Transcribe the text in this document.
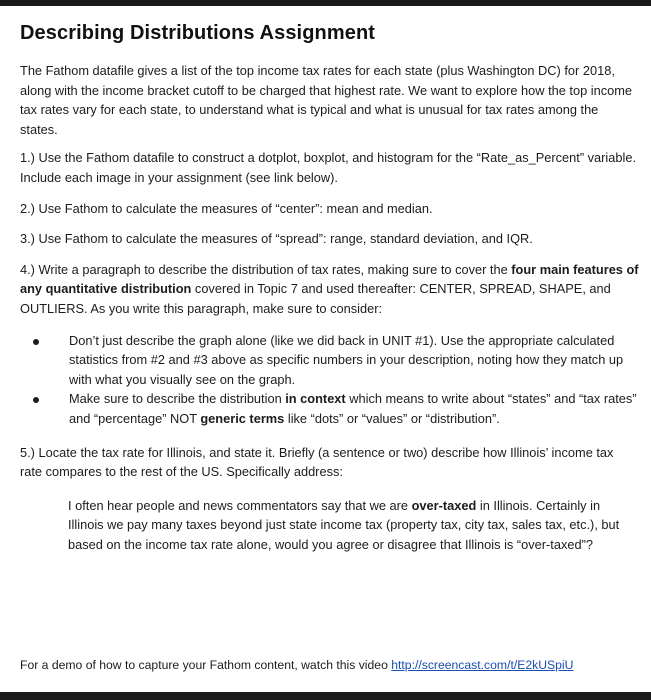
Describing Distributions Assignment

The Fathom datafile gives a list of the top income tax rates for each state (plus Washington DC) for 2018, along with the income bracket cutoff to be charged that highest rate. We want to explore how the top income tax rates vary for each state, to understand what is typical and what is unusual for tax rates among the states.

1.) Use the Fathom datafile to construct a dotplot, boxplot, and histogram for the “Rate_as_Percent” variable. Include each image in your assignment (see link below).

2.) Use Fathom to calculate the measures of “center”: mean and median.

3.) Use Fathom to calculate the measures of “spread”: range, standard deviation, and IQR.

4.) Write a paragraph to describe the distribution of tax rates, making sure to cover the four main features of any quantitative distribution covered in Topic 7 and used thereafter: CENTER, SPREAD, SHAPE, and OUTLIERS. As you write this paragraph, make sure to consider:

Don’t just describe the graph alone (like we did back in UNIT #1). Use the appropriate calculated statistics from #2 and #3 above as specific numbers in your description, noting how they match up with what you visually see on the graph.
Make sure to describe the distribution in context which means to write about “states” and “tax rates” and “percentage” NOT generic terms like “dots” or “values” or “distribution”.

5.) Locate the tax rate for Illinois, and state it. Briefly (a sentence or two) describe how Illinois’ income tax rate compares to the rest of the US. Specifically address:

I often hear people and news commentators say that we are over-taxed in Illinois. Certainly in Illinois we pay many taxes beyond just state income tax (property tax, city tax, sales tax, etc.), but based on the income tax rate alone, would you agree or disagree that Illinois is “over-taxed”?

For a demo of how to capture your Fathom content, watch this video http://screencast.com/t/E2kUSpiU
